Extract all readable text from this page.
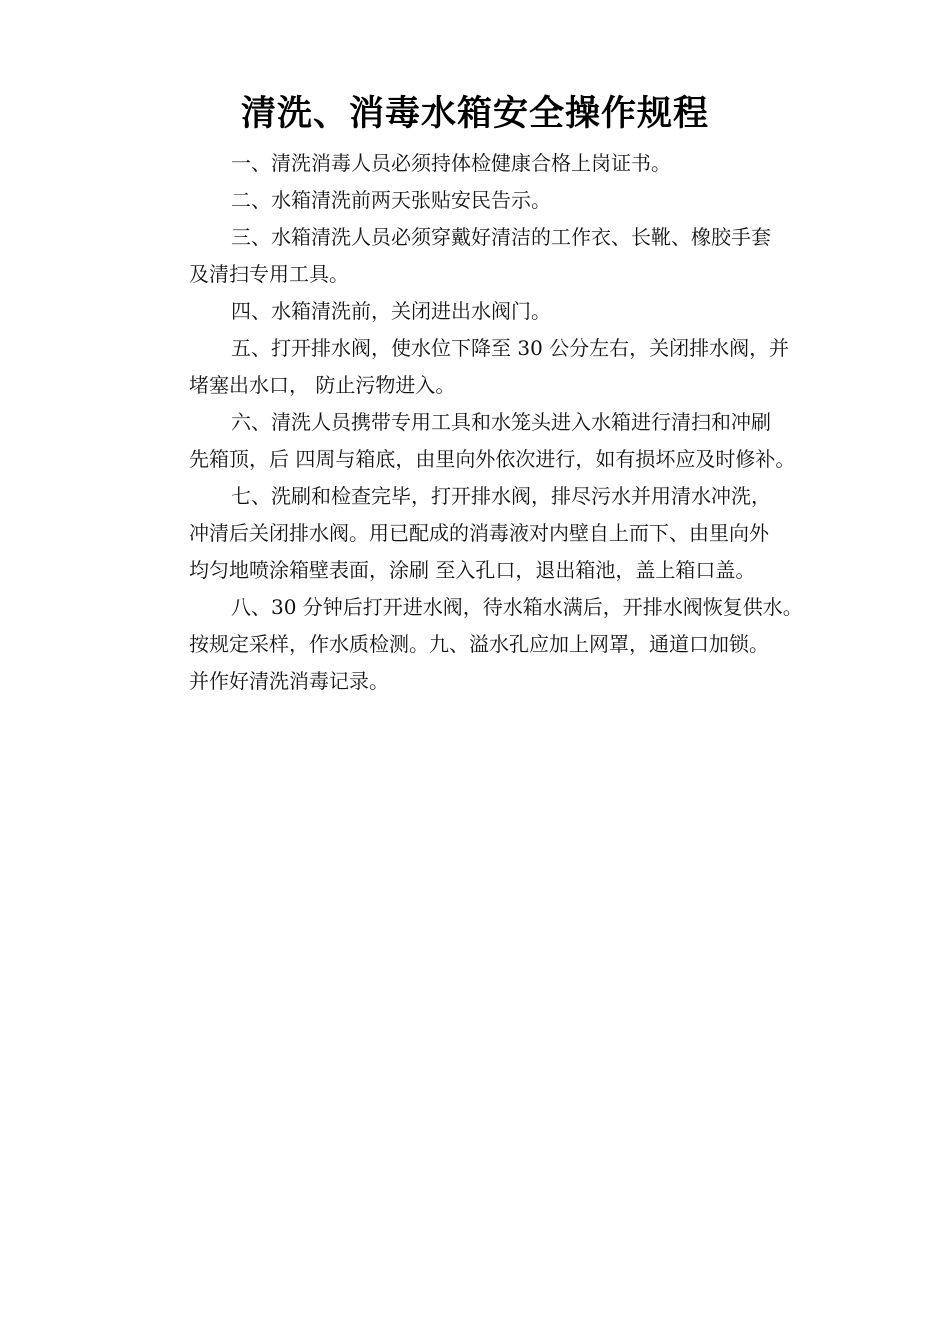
清洗、消毒水箱安全操作规程
一、清洗消毒人员必须持体检健康合格上岗证书。
二、水箱清洗前两天张贴安民告示。
三、水箱清洗人员必须穿戴好清洁的工作衣、长靴、橡胶手套
及清扫专用工具。
四、水箱清洗前，关闭进出水阀门。
五、打开排水阀，使水位下降至 30 公分左右，关闭排水阀，并
堵塞出水口， 防止污物进入。
六、清洗人员携带专用工具和水笼头进入水箱进行清扫和冲刷
先箱顶，后 四周与箱底，由里向外依次进行，如有损坏应及时修补。
七、洗刷和检查完毕，打开排水阀，排尽污水并用清水冲洗，
冲清后关闭排水阀。用已配成的消毒液对内壁自上而下、由里向外
均匀地喷涂箱壁表面，涂刷 至入孔口，退出箱池，盖上箱口盖。
八、30 分钟后打开进水阀，待水箱水满后，开排水阀恢复供水。
按规定采样，作水质检测。九、溢水孔应加上网罩，通道口加锁。
并作好清洗消毒记录。
